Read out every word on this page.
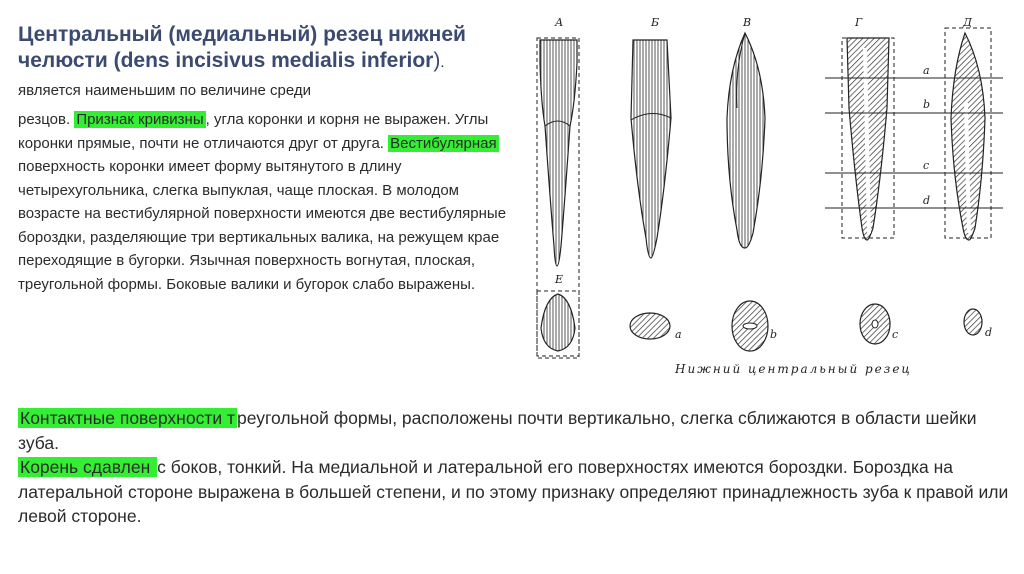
Центральный (медиальный) резец нижней челюсти (dens incisivus medialis inferior). является наименьшим по величине среди
резцов. Признак кривизны , угла коронки и корня не выражен. Углы коронки прямые, почти не отличаются друг от друга. Вестибулярная поверхность коронки имеет форму вытянутого в длину четырехугольника, слегка выпуклая, чаще плоская. В молодом возрасте на вестибулярной поверхности имеются две вестибулярные бороздки, разделяющие три вертикальных валика, на режущем крае переходящие в бугорки. Язычная поверхность вогнутая, плоская, треугольной формы. Боковые валики и бугорок слабо выражены.
А	Б	В	Г	Д
a
b
c
d
Е
a	b	c	d
Нижний центральный резец
Контактные поверхности т реугольной формы, расположены почти вертикально, слегка сближаются в области шейки зуба.
Корень сдавлен с боков, тонкий. На медиальной и латеральной его поверхностях имеются бороздки. Бороздка на латеральной стороне выражена в большей степени, и по этому признаку определяют принадлежность зуба к правой или левой стороне.
